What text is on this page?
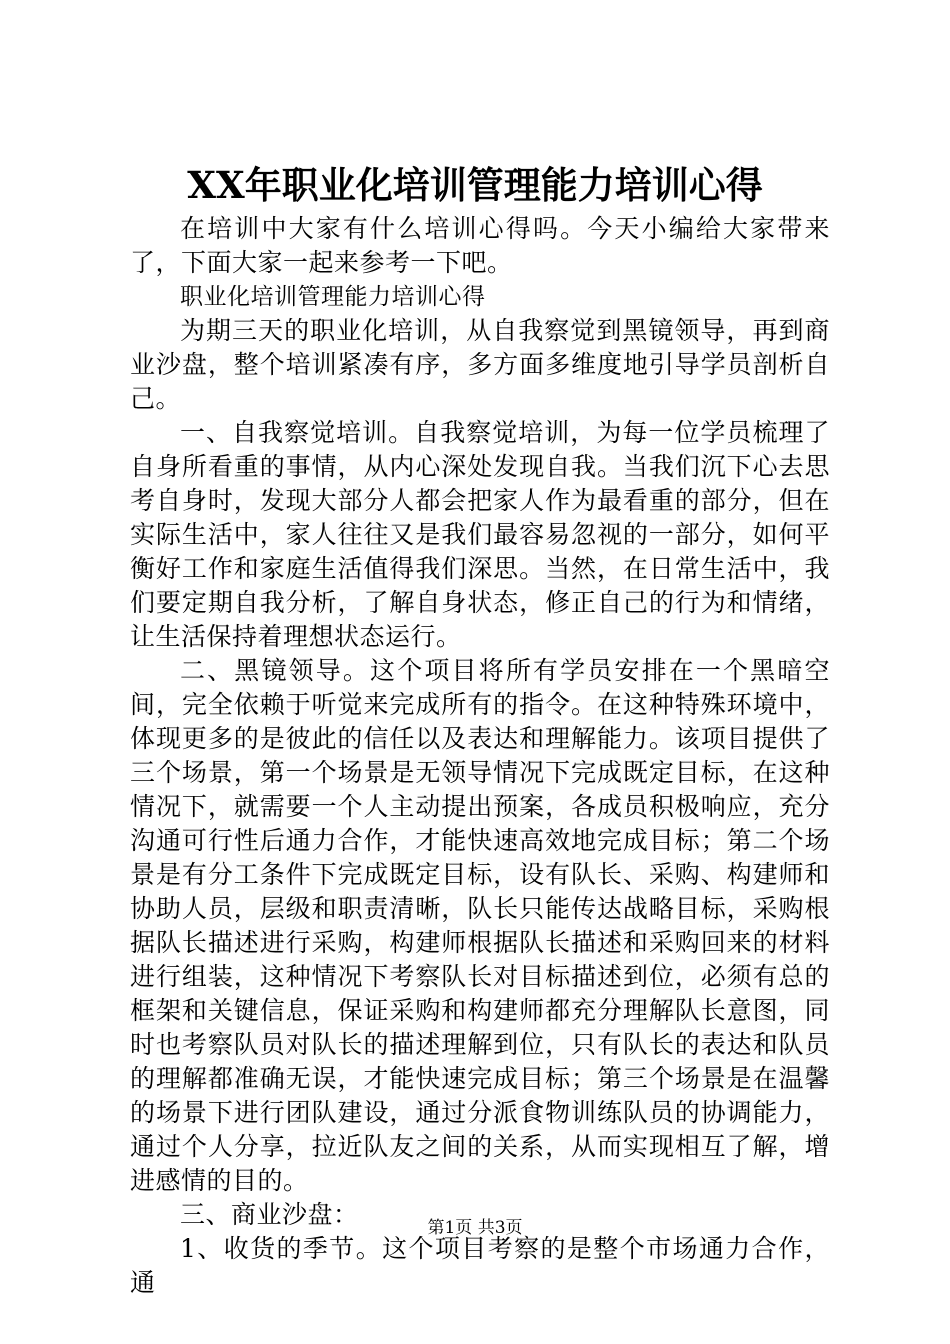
XX年职业化培训管理能力培训心得

在培训中大家有什么培训心得吗。今天小编给大家带来了，下面大家一起来参考一下吧。

职业化培训管理能力培训心得

为期三天的职业化培训，从自我察觉到黑镜领导，再到商业沙盘，整个培训紧凑有序，多方面多维度地引导学员剖析自己。

一、自我察觉培训。自我察觉培训，为每一位学员梳理了自身所看重的事情，从内心深处发现自我。当我们沉下心去思考自身时，发现大部分人都会把家人作为最看重的部分，但在实际生活中，家人往往又是我们最容易忽视的一部分，如何平衡好工作和家庭生活值得我们深思。当然，在日常生活中，我们要定期自我分析，了解自身状态，修正自己的行为和情绪，让生活保持着理想状态运行。

二、黑镜领导。这个项目将所有学员安排在一个黑暗空间，完全依赖于听觉来完成所有的指令。在这种特殊环境中，体现更多的是彼此的信任以及表达和理解能力。该项目提供了三个场景，第一个场景是无领导情况下完成既定目标，在这种情况下，就需要一个人主动提出预案，各成员积极响应，充分沟通可行性后通力合作，才能快速高效地完成目标；第二个场景是有分工条件下完成既定目标，设有队长、采购、构建师和协助人员，层级和职责清晰，队长只能传达战略目标，采购根据队长描述进行采购，构建师根据队长描述和采购回来的材料进行组装，这种情况下考察队长对目标描述到位，必须有总的框架和关键信息，保证采购和构建师都充分理解队长意图，同时也考察队员对队长的描述理解到位，只有队长的表达和队员的理解都准确无误，才能快速完成目标；第三个场景是在温馨的场景下进行团队建设，通过分派食物训练队员的协调能力，通过个人分享，拉近队友之间的关系，从而实现相互了解，增进感情的目的。

三、商业沙盘：

1、收货的季节。这个项目考察的是整个市场通力合作，通

第1页 共3页
